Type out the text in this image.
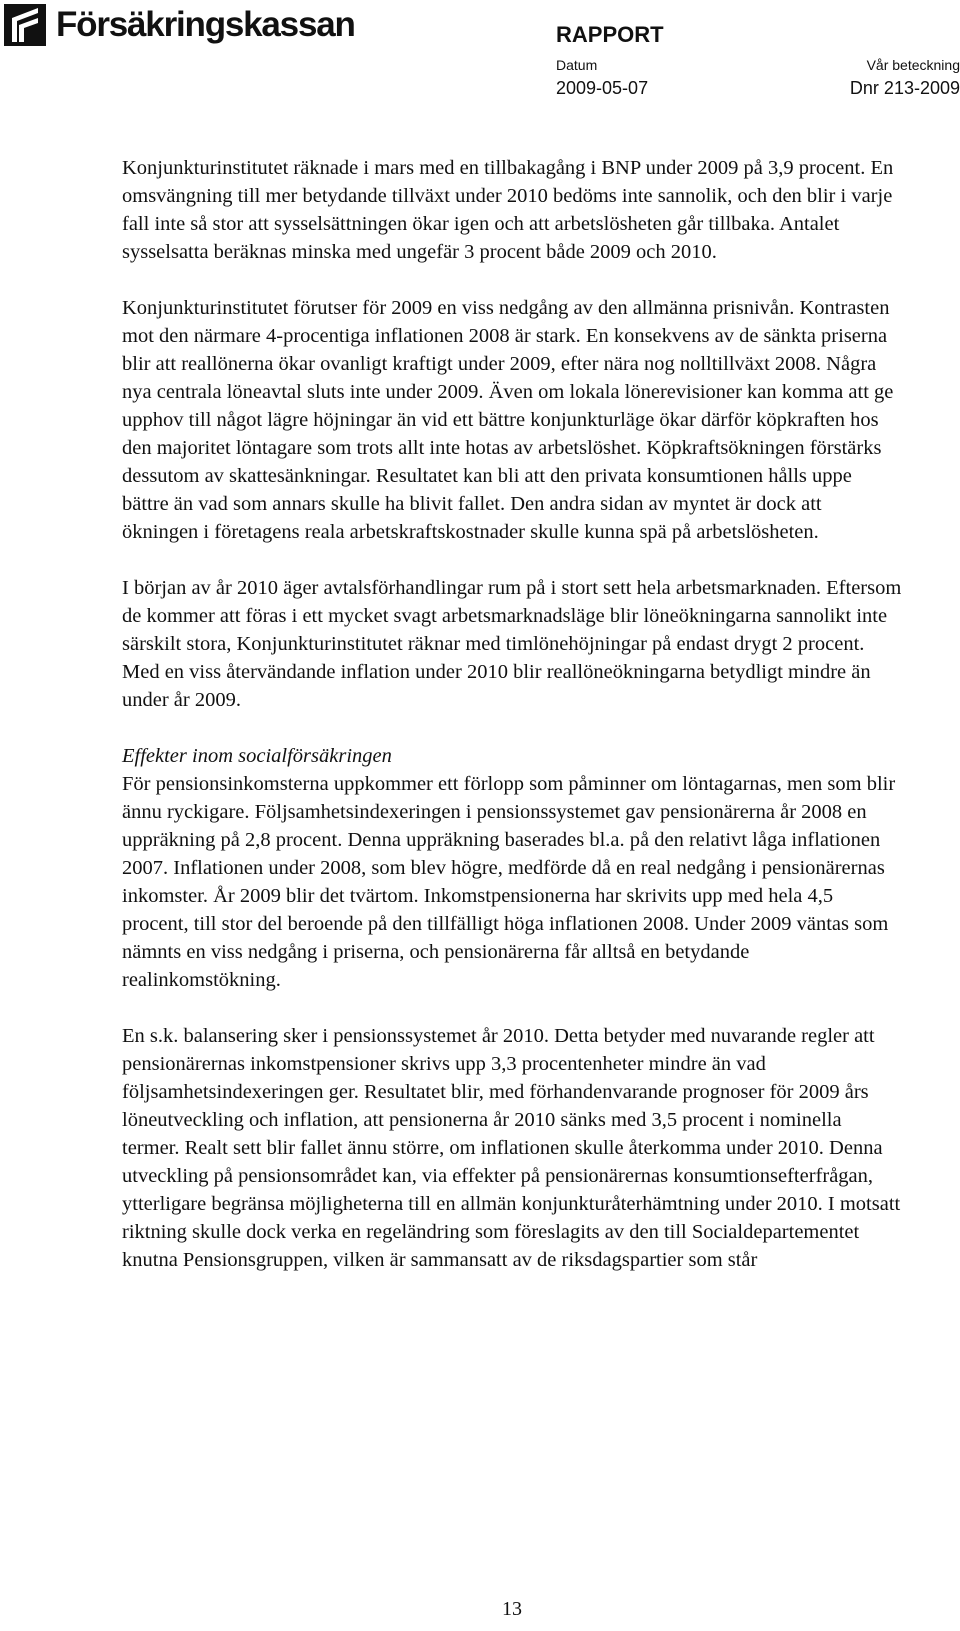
Försäkringskassan	RAPPORT
Datum
2009-05-07
Vår beteckning
Dnr 213-2009

Konjunkturinstitutet räknade i mars med en tillbakagång i BNP under 2009 på 3,9 procent. En omsvängning till mer betydande tillväxt under 2010 bedöms inte sannolik, och den blir i varje fall inte så stor att sysselsättningen ökar igen och att arbetslösheten går tillbaka. Antalet sysselsatta beräknas minska med ungefär 3 procent både 2009 och 2010.

Konjunkturinstitutet förutser för 2009 en viss nedgång av den allmänna prisnivån. Kontrasten mot den närmare 4-procentiga inflationen 2008 är stark. En konsekvens av de sänkta priserna blir att reallönerna ökar ovanligt kraftigt under 2009, efter nära nog nolltillväxt 2008. Några nya centrala löneavtal sluts inte under 2009. Även om lokala lönerevisioner kan komma att ge upphov till något lägre höjningar än vid ett bättre konjunkturläge ökar därför köpkraften hos den majoritet löntagare som trots allt inte hotas av arbetslöshet. Köpkraftsökningen förstärks dessutom av skattesänkningar. Resultatet kan bli att den privata konsumtionen hålls uppe bättre än vad som annars skulle ha blivit fallet. Den andra sidan av myntet är dock att ökningen i företagens reala arbetskraftskostnader skulle kunna spä på arbetslösheten.

I början av år 2010 äger avtalsförhandlingar rum på i stort sett hela arbetsmarknaden. Eftersom de kommer att föras i ett mycket svagt arbetsmarknadsläge blir löneökningarna sannolikt inte särskilt stora, Konjunkturinstitutet räknar med timlönehöjningar på endast drygt 2 procent. Med en viss återvändande inflation under 2010 blir reallöneökningarna betydligt mindre än under år 2009.

Effekter inom socialförsäkringen

För pensionsinkomsterna uppkommer ett förlopp som påminner om löntagarnas, men som blir ännu ryckigare. Följsamhetsindexeringen i pensionssystemet gav pensionärerna år 2008 en uppräkning på 2,8 procent. Denna uppräkning baserades bl.a. på den relativt låga inflationen 2007. Inflationen under 2008, som blev högre, medförde då en real nedgång i pensionärernas inkomster. År 2009 blir det tvärtom. Inkomstpensionerna har skrivits upp med hela 4,5 procent, till stor del beroende på den tillfälligt höga inflationen 2008. Under 2009 väntas som nämnts en viss nedgång i priserna, och pensionärerna får alltså en betydande realinkomstökning.

En s.k. balansering sker i pensionssystemet år 2010. Detta betyder med nuvarande regler att pensionärernas inkomstpensioner skrivs upp 3,3 procentenheter mindre än vad följsamhetsindexeringen ger. Resultatet blir, med förhandenvarande prognoser för 2009 års löneutveckling och inflation, att pensionerna år 2010 sänks med 3,5 procent i nominella termer. Realt sett blir fallet ännu större, om inflationen skulle återkomma under 2010. Denna utveckling på pensionsområdet kan, via effekter på pensionärernas konsumtionsefterfrågan, ytterligare begränsa möjligheterna till en allmän konjunkturåterhämtning under 2010. I motsatt riktning skulle dock verka en regeländring som föreslagits av den till Socialdepartementet knutna Pensionsgruppen, vilken är sammansatt av de riksdagspartier som står

13
